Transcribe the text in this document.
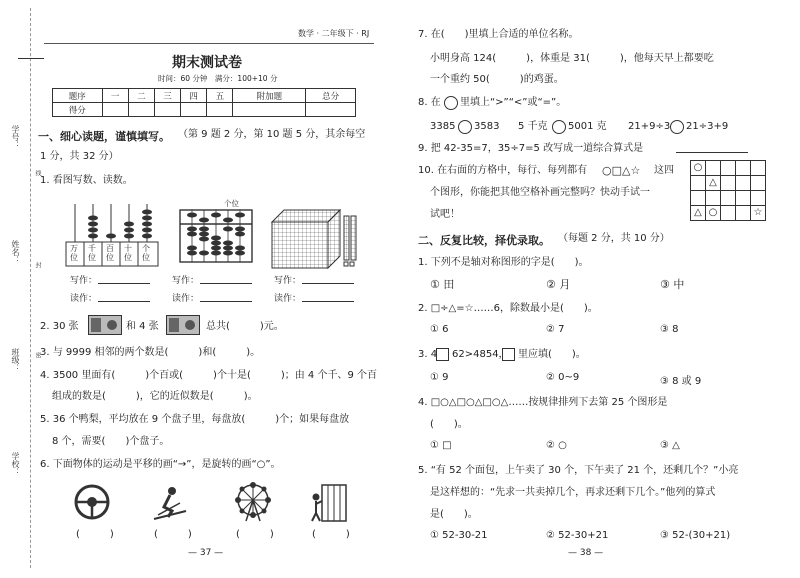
学号：
线
姓名：
封
班级： 密
学校：
数学 · 二年级下 · RJ
期末测试卷
时间：60 分钟　满分：100+10 分
题序	一	二	三	四	五	附加题	总分
得分							
一、细心读题，谨慎填写。 （第 9 题 2 分，第 10 题 5 分，其余每空
1 分，共 32 分）
1. 看图写数、读数。
万位
千位
百位
十位
个位
个位
写作：	写作：	写作：
读作：	读作：	读作：
2. 30 张	和 4 张	总共(　　　)元。
3. 与 9999 相邻的两个数是(　　　)和(　　　)。
4. 3500 里面有(　　　)个百或(　　　)个十是(　　　)；由 4 个千、9 个百
组成的数是(　　　)，它的近似数是(　　　)。
5. 36 个鸭梨，平均放在 9 个盘子里，每盘放(　　　)个；如果每盘放
8 个，需要(　　)个盘子。
6. 下面物体的运动是平移的画“→”，是旋转的画“○”。
(　　　)	(　　　)	(　　　)	(　　　)
— 37 —
7. 在(　　)里填上合适的单位名称。
小明身高 124(　　　)，体重是 31(　　　)，他每天早上都要吃
一个重约 50(　　　)的鸡蛋。
8. 在 里填上“>”“<”或“=”。
3385 3583 5 千克 5001 克 21+9÷3 21÷3+9
9. 把 42-35=7，35÷7=5 改写成一道综合算式是
10. 在右面的方格中，每行、每列都有 ○□△☆ 这四
个图形，你能把其他空格补画完整吗？快动手试一
试吧！
○				
	△			

△	○			☆
二、反复比较，择优录取。 （每题 2 分，共 10 分）
1. 下列不是轴对称图形的字是(　　)。
① 田	② 月	③ 中
2. □÷△=☆……6，除数最小是(　　)。
① 6	② 7	③ 8
3. 4 62>4854， 里应填(　　)。
① 9	② 0~9	③ 8 或 9
4. □○△□○△□○△……按规律排列下去第 25 个图形是
(　　)。
① □	② ○	③ △
5. “有 52 个面包，上午卖了 30 个，下午卖了 21 个，还剩几个？”小亮
是这样想的：“先求一共卖掉几个，再求还剩下几个。”他列的算式
是(　　)。
① 52-30-21	② 52-30+21	③ 52-(30+21)
— 38 —
